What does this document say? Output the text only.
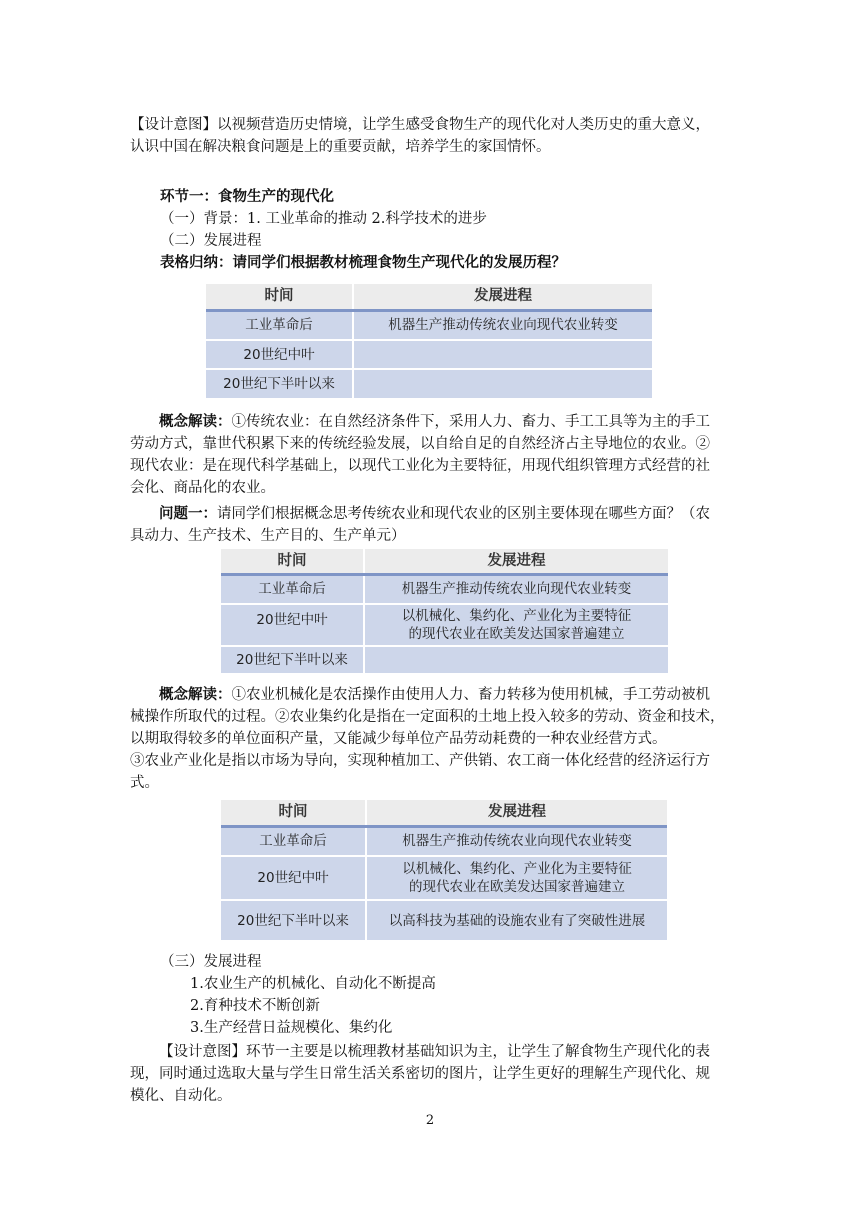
【设计意图】以视频营造历史情境，让学生感受食物生产的现代化对人类历史的重大意义，
认识中国在解决粮食问题是上的重要贡献，培养学生的家国情怀。

环节一：食物生产的现代化

（一）背景：1. 工业革命的推动 2.科学技术的进步

（二）发展进程

表格归纳：请同学们根据教材梳理食物生产现代化的发展历程？

时间	发展进程
工业革命后	机器生产推动传统农业向现代农业转变
20世纪中叶	
20世纪下半叶以来	

    概念解读：①传统农业：在自然经济条件下，采用人力、畜力、手工工具等为主的手工
劳动方式，靠世代积累下来的传统经验发展，以自给自足的自然经济占主导地位的农业。②
现代农业：是在现代科学基础上，以现代工业化为主要特征，用现代组织管理方式经营的社
会化、商品化的农业。

    问题一：请同学们根据概念思考传统农业和现代农业的区别主要体现在哪些方面？（农
具动力、生产技术、生产目的、生产单元）

时间	发展进程
工业革命后	机器生产推动传统农业向现代农业转变
20世纪中叶	以机械化、集约化、产业化为主要特征
的现代农业在欧美发达国家普遍建立
20世纪下半叶以来	

    概念解读：①农业机械化是农活操作由使用人力、畜力转移为使用机械，手工劳动被机
械操作所取代的过程。②农业集约化是指在一定面积的土地上投入较多的劳动、资金和技术，
以期取得较多的单位面积产量，又能减少每单位产品劳动耗费的一种农业经营方式。
③农业产业化是指以市场为导向，实现种植加工、产供销、农工商一体化经营的经济运行方
式。

时间	发展进程
工业革命后	机器生产推动传统农业向现代农业转变
20世纪中叶	以机械化、集约化、产业化为主要特征
的现代农业在欧美发达国家普遍建立
20世纪下半叶以来	以高科技为基础的设施农业有了突破性进展

（三）发展进程

1.农业生产的机械化、自动化不断提高

2.育种技术不断创新

3.生产经营日益规模化、集约化

    【设计意图】环节一主要是以梳理教材基础知识为主，让学生了解食物生产现代化的表
现，同时通过选取大量与学生日常生活关系密切的图片，让学生更好的理解生产现代化、规
模化、自动化。

2
